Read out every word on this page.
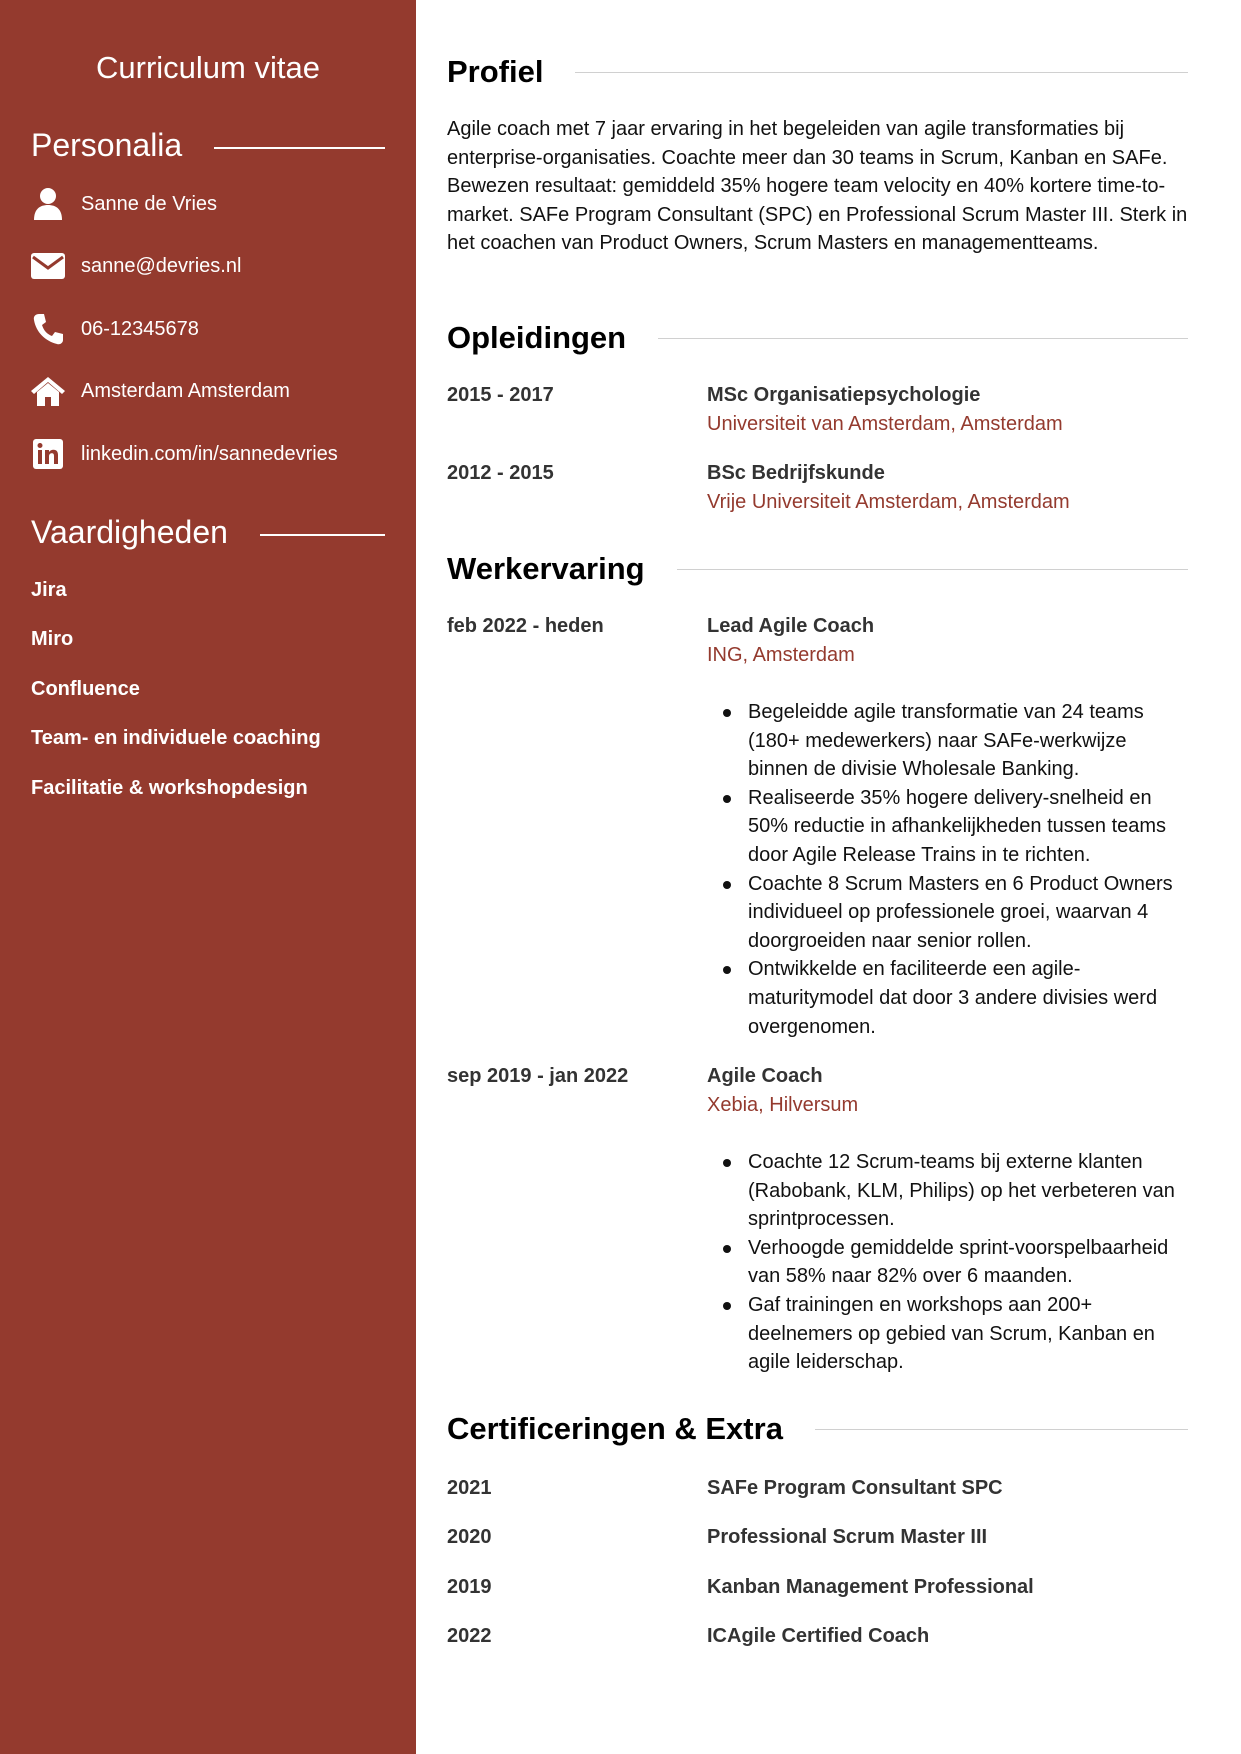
Curriculum vitae
Personalia
Sanne de Vries
sanne@devries.nl
06-12345678
Amsterdam Amsterdam
linkedin.com/in/sannedevries
Vaardigheden
Jira
Miro
Confluence
Team- en individuele coaching
Facilitatie & workshopdesign
Profiel
Agile coach met 7 jaar ervaring in het begeleiden van agile transformaties bij enterprise-organisaties. Coachte meer dan 30 teams in Scrum, Kanban en SAFe. Bewezen resultaat: gemiddeld 35% hogere team velocity en 40% kortere time-to-market. SAFe Program Consultant (SPC) en Professional Scrum Master III. Sterk in het coachen van Product Owners, Scrum Masters en managementteams.
Opleidingen
2015 - 2017	MSc Organisatiepsychologie
Universiteit van Amsterdam, Amsterdam
2012 - 2015	BSc Bedrijfskunde
Vrije Universiteit Amsterdam, Amsterdam
Werkervaring
feb 2022 - heden	Lead Agile Coach
ING, Amsterdam
Begeleidde agile transformatie van 24 teams (180+ medewerkers) naar SAFe-werkwijze binnen de divisie Wholesale Banking.
Realiseerde 35% hogere delivery-snelheid en 50% reductie in afhankelijkheden tussen teams door Agile Release Trains in te richten.
Coachte 8 Scrum Masters en 6 Product Owners individueel op professionele groei, waarvan 4 doorgroeiden naar senior rollen.
Ontwikkelde en faciliteerde een agile-maturitymodel dat door 3 andere divisies werd overgenomen.
sep 2019 - jan 2022	Agile Coach
Xebia, Hilversum
Coachte 12 Scrum-teams bij externe klanten (Rabobank, KLM, Philips) op het verbeteren van sprintprocessen.
Verhoogde gemiddelde sprint-voorspelbaarheid van 58% naar 82% over 6 maanden.
Gaf trainingen en workshops aan 200+ deelnemers op gebied van Scrum, Kanban en agile leiderschap.
Certificeringen & Extra
2021	SAFe Program Consultant SPC
2020	Professional Scrum Master III
2019	Kanban Management Professional
2022	ICAgile Certified Coach
